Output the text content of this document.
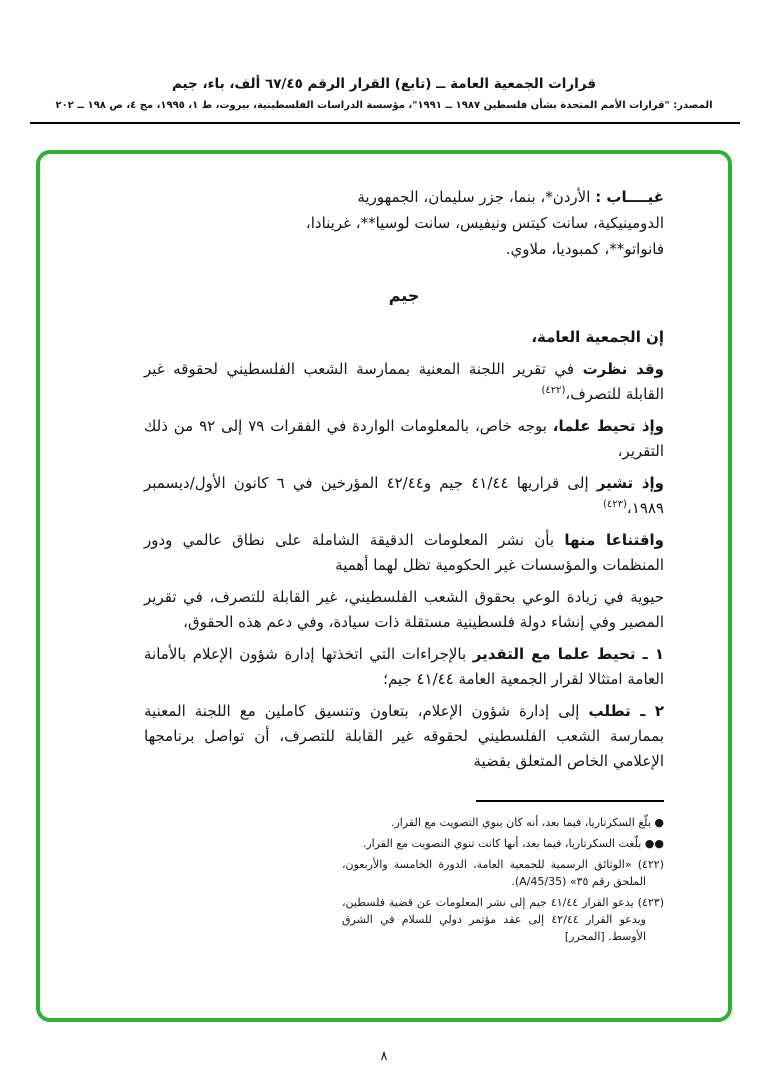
قرارات الجمعية العامة ــ (تابع) القرار الرقم ٦٧/٤٥ ألف، باء، جيم
المصدر: "قرارات الأمم المتحدة بشأن فلسطين ١٩٨٧ ــ ١٩٩١"، مؤسسة الدراسات الفلسطينية، بيروت، ط ١، ١٩٩٥، مج ٤، ص ١٩٨ ــ ٢٠٢

غيــــاب : الأردن*، بنما، جزر سليمان، الجمهورية الدومينيكية، سانت كيتس ونيفيس، سانت لوسيا**، غرينادا، فانواتو**، كمبوديا، ملاوي.

جيم

إن الجمعية العامة،

وقد نظرت في تقرير اللجنة المعنية بممارسة الشعب الفلسطيني لحقوقه غير القابلة للتصرف،$^{(٤٢٢)}$

وإذ تحيط علما، بوجه خاص، بالمعلومات الواردة في الفقرات ٧٩ إلى ٩٢ من ذلك التقرير،

وإذ تشير إلى قراريها ٤١/٤٤ جيم و٤٢/٤٤ المؤرخين في ٦ كانون الأول/ديسمبر ١٩٨٩،$^{(٤٢٣)}$

واقتناعا منها بأن نشر المعلومات الدقيقة الشاملة على نطاق عالمي ودور المنظمات والمؤسسات غير الحكومية تظل لهما أهمية

حيوية في زيادة الوعي بحقوق الشعب الفلسطيني، غير القابلة للتصرف، في تقرير المصير وفي إنشاء دولة فلسطينية مستقلة ذات سيادة، وفي دعم هذه الحقوق،

١ ـ تحيط علما مع التقدير بالإجراءات التي اتخذتها إدارة شؤون الإعلام بالأمانة العامة امتثالا لقرار الجمعية العامة ٤١/٤٤ جيم؛

٢ ـ تطلب إلى إدارة شؤون الإعلام، بتعاون وتنسيق كاملين مع اللجنة المعنية بممارسة الشعب الفلسطيني لحقوقه غير القابلة للتصرف، أن تواصل برنامجها الإعلامي الخاص المتعلق بقضية

● بلّغ السكرتاريا، فيما بعد، أنه كان ينوي التصويت مع القرار.

●● بلّغت السكرتاريا، فيما بعد، أنها كانت تنوي التصويت مع القرار.

(٤٢٢) «الوثائق الرسمية للجمعية العامة، الدورة الخامسة والأربعون، الملحق رقم ٣٥» ‎(A/45/35)‎.

(٤٢٣) يدعو القرار ٤١/٤٤ جيم إلى نشر المعلومات عن قضية فلسطين، ويدعو القرار ٤٢/٤٤ إلى عقد مؤتمر دولي للسلام في الشرق الأوسط. [المحرر]

٨
